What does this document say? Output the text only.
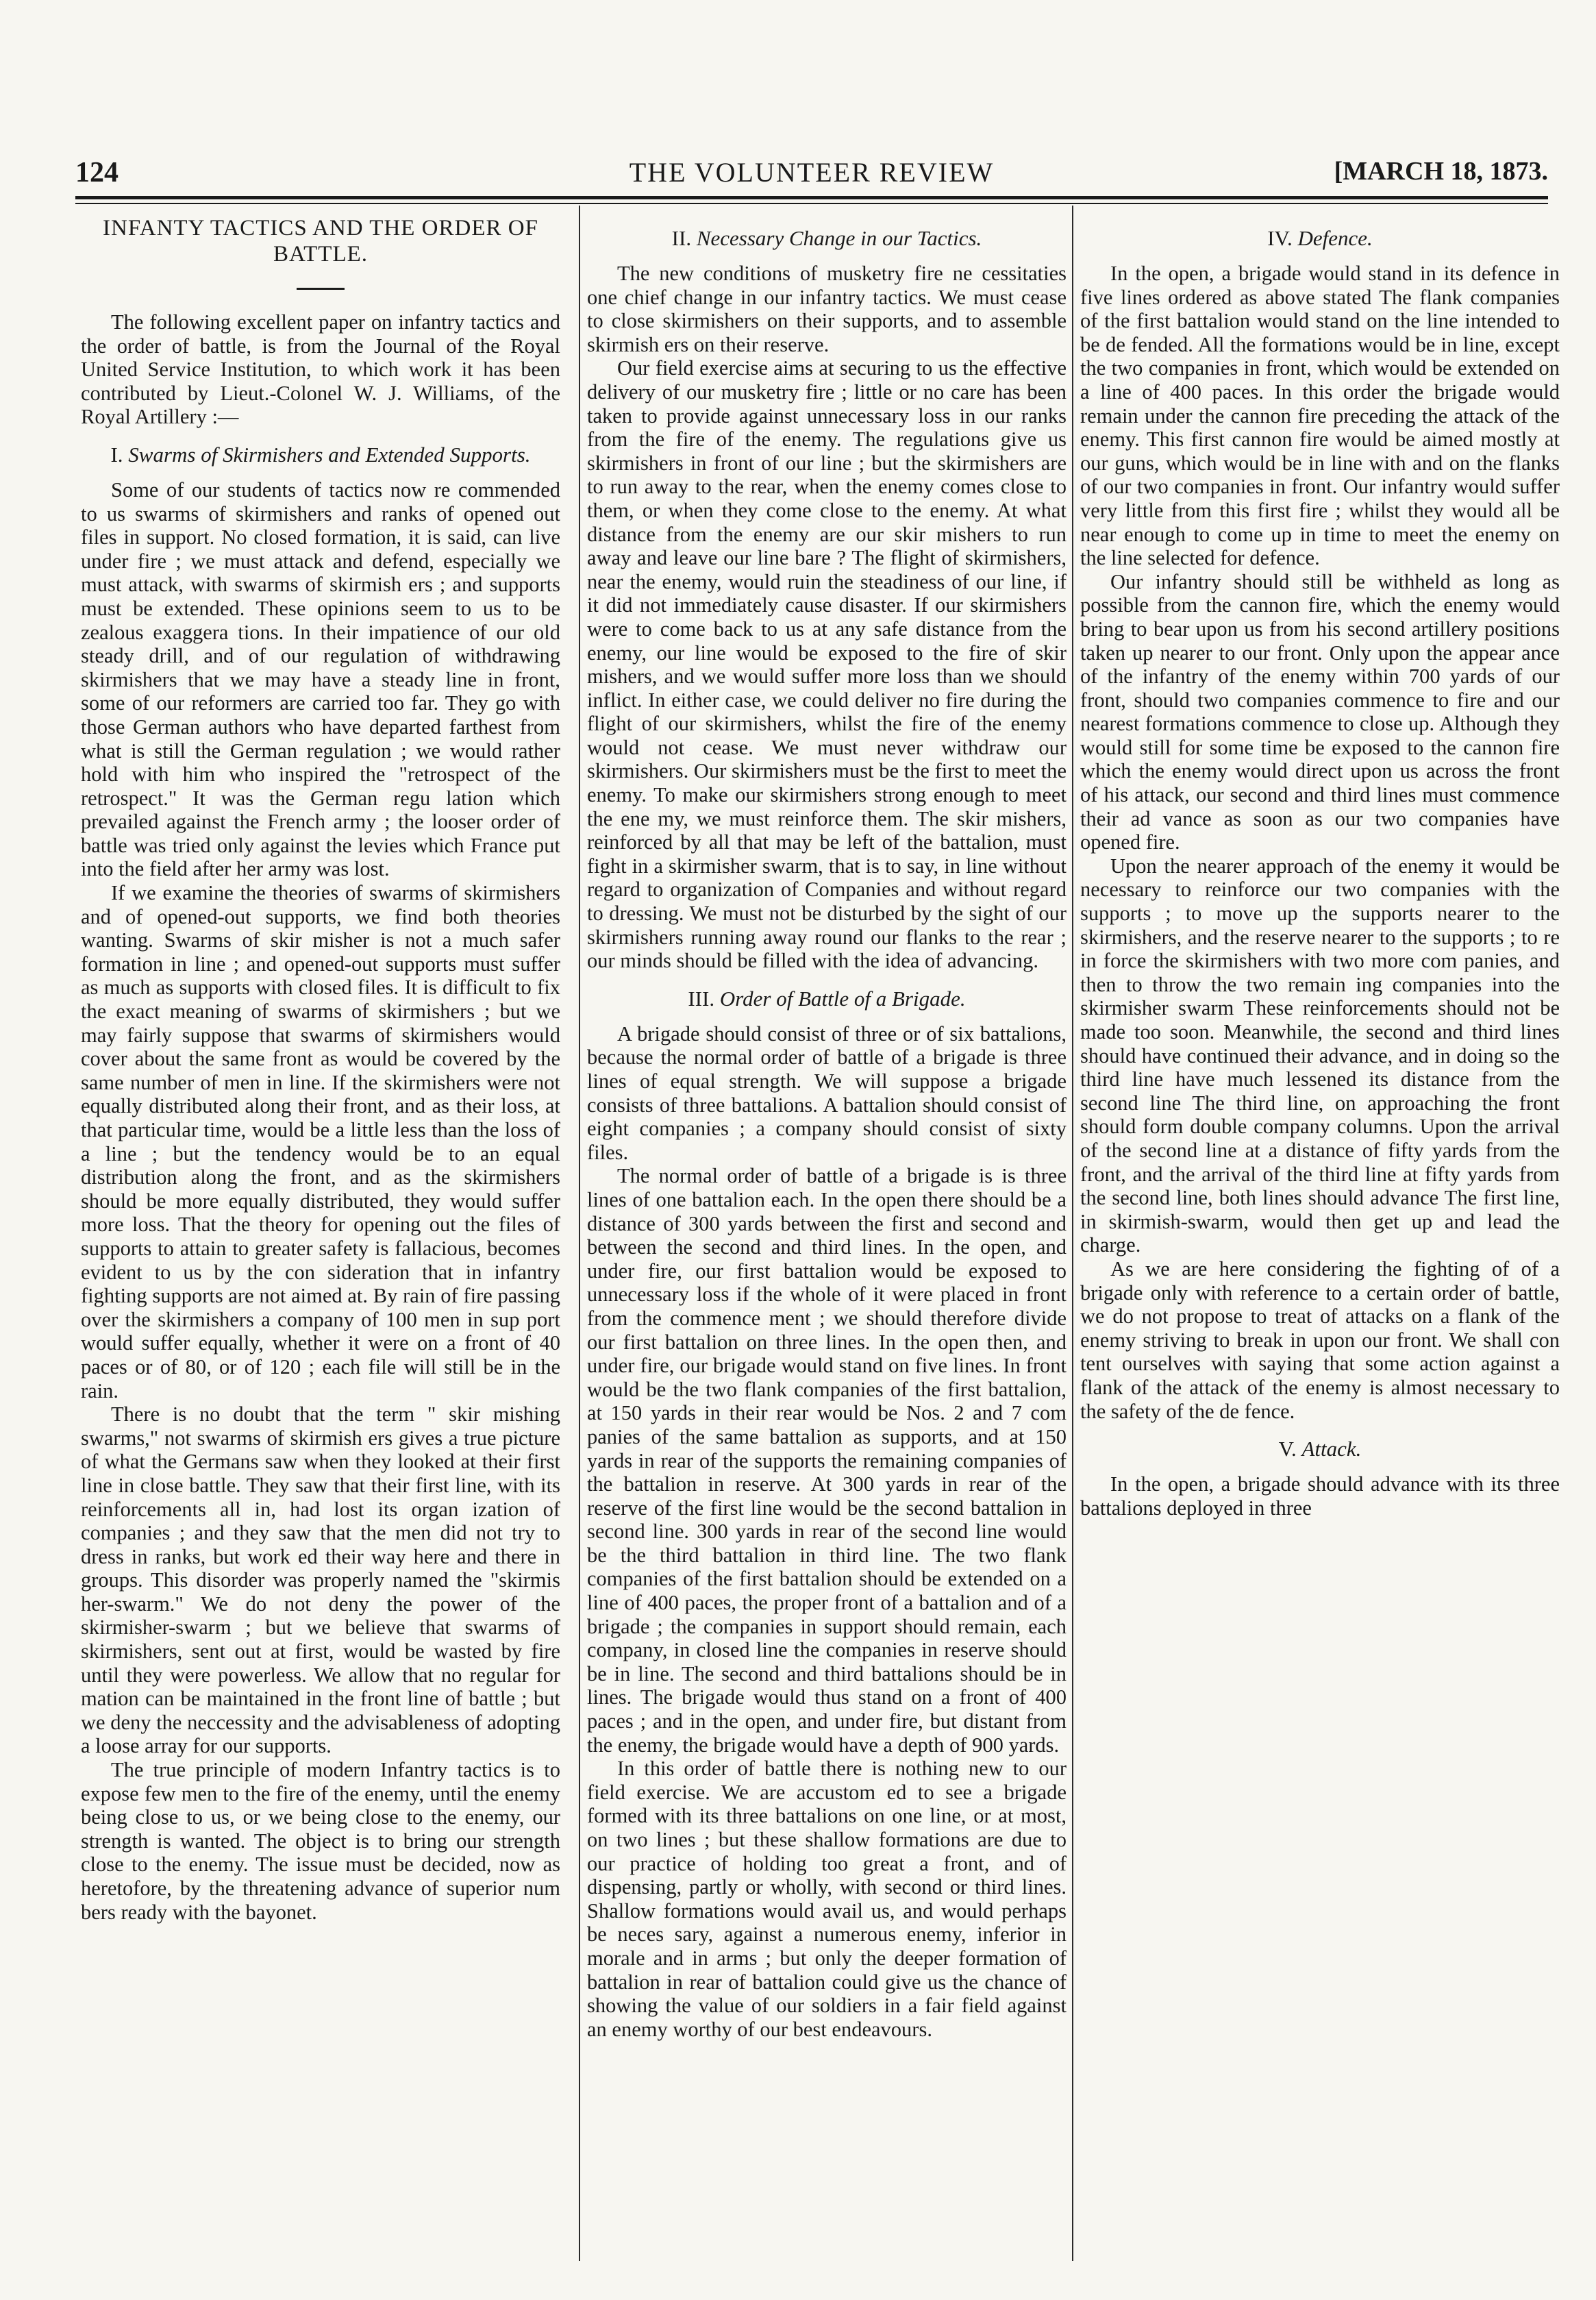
124	THE VOLUNTEER REVIEW	[MARCH 18, 1873.
INFANTY TACTICS AND THE ORDER OF BATTLE.

The following excellent paper on infantry tactics and the order of battle, is from the Journal of the Royal United Service Institution, to which work it has been contributed by Lieut.-Colonel W. J. Williams, of the Royal Artillery :—

I. Swarms of Skirmishers and Extended Supports.

Some of our students of tactics now re commended to us swarms of skirmishers and ranks of opened out files in support. No closed formation, it is said, can live under fire ; we must attack and defend, especially we must attack, with swarms of skirmish ers ; and supports must be extended. These opinions seem to us to be zealous exaggera tions. In their impatience of our old steady drill, and of our regulation of withdrawing skirmishers that we may have a steady line in front, some of our reformers are carried too far. They go with those German authors who have departed farthest from what is still the German regulation ; we would rather hold with him who inspired the "retrospect of the retrospect." It was the German regu lation which prevailed against the French army ; the looser order of battle was tried only against the levies which France put into the field after her army was lost.

If we examine the theories of swarms of skirmishers and of opened-out supports, we find both theories wanting. Swarms of skir misher is not a much safer formation in line ; and opened-out supports must suffer as much as supports with closed files. It is difficult to fix the exact meaning of swarms of skirmishers ; but we may fairly suppose that swarms of skirmishers would cover about the same front as would be covered by the same number of men in line. If the skirmishers were not equally distributed along their front, and as their loss, at that particular time, would be a little less than the loss of a line ; but the tendency would be to an equal distribution along the front, and as the skirmishers should be more equally distributed, they would suffer more loss. That the theory for opening out the files of supports to attain to greater safety is fallacious, becomes evident to us by the con sideration that in infantry fighting supports are not aimed at. By rain of fire passing over the skirmishers a company of 100 men in sup port would suffer equally, whether it were on a front of 40 paces or of 80, or of 120 ; each file will still be in the rain.

There is no doubt that the term " skir mishing swarms," not swarms of skirmish ers gives a true picture of what the Germans saw when they looked at their first line in close battle. They saw that their first line, with its reinforcements all in, had lost its organ ization of companies ; and they saw that the men did not try to dress in ranks, but work ed their way here and there in groups. This disorder was properly named the "skirmis her-swarm." We do not deny the power of the skirmisher-swarm ; but we believe that swarms of skirmishers, sent out at first, would be wasted by fire until they were powerless. We allow that no regular for mation can be maintained in the front line of battle ; but we deny the neccessity and the advisableness of adopting a loose array for our supports.

The true principle of modern Infantry tactics is to expose few men to the fire of the enemy, until the enemy being close to us, or we being close to the enemy, our strength is wanted. The object is to bring our strength close to the enemy. The issue must be decided, now as heretofore, by the threatening advance of superior num bers ready with the bayonet.

II. Necessary Change in our Tactics.

The new conditions of musketry fire ne cessitaties one chief change in our infantry tactics. We must cease to close skirmishers on their supports, and to assemble skirmish ers on their reserve.

Our field exercise aims at securing to us the effective delivery of our musketry fire ; little or no care has been taken to provide against unnecessary loss in our ranks from the fire of the enemy. The regulations give us skirmishers in front of our line ; but the skirmishers are to run away to the rear, when the enemy comes close to them, or when they come close to the enemy. At what distance from the enemy are our skir mishers to run away and leave our line bare ? The flight of skirmishers, near the enemy, would ruin the steadiness of our line, if it did not immediately cause disaster. If our skirmishers were to come back to us at any safe distance from the enemy, our line would be exposed to the fire of skir mishers, and we would suffer more loss than we should inflict. In either case, we could deliver no fire during the flight of our skirmishers, whilst the fire of the enemy would not cease. We must never withdraw our skirmishers. Our skirmishers must be the first to meet the enemy. To make our skirmishers strong enough to meet the ene my, we must reinforce them. The skir mishers, reinforced by all that may be left of the battalion, must fight in a skirmisher swarm, that is to say, in line without regard to organization of Companies and without regard to dressing. We must not be disturbed by the sight of our skirmishers running away round our flanks to the rear ; our minds should be filled with the idea of advancing.

III. Order of Battle of a Brigade.

A brigade should consist of three or of six battalions, because the normal order of battle of a brigade is three lines of equal strength. We will suppose a brigade consists of three battalions. A battalion should consist of eight companies ; a company should consist of sixty files.

The normal order of battle of a brigade is is three lines of one battalion each. In the open there should be a distance of 300 yards between the first and second and between the second and third lines. In the open, and under fire, our first battalion would be exposed to unnecessary loss if the whole of it were placed in front from the commence ment ; we should therefore divide our first battalion on three lines. In the open then, and under fire, our brigade would stand on five lines. In front would be the two flank companies of the first battalion, at 150 yards in their rear would be Nos. 2 and 7 com panies of the same battalion as supports, and at 150 yards in rear of the supports the remaining companies of the battalion in reserve. At 300 yards in rear of the reserve of the first line would be the second battalion in second line. 300 yards in rear of the second line would be the third battalion in third line. The two flank companies of the first battalion should be extended on a line of 400 paces, the proper front of a battalion and of a brigade ; the companies in support should remain, each company, in closed line the companies in reserve should be in line. The second and third battalions should be in lines. The brigade would thus stand on a front of 400 paces ; and in the open, and under fire, but distant from the enemy, the brigade would have a depth of 900 yards.

In this order of battle there is nothing new to our field exercise. We are accustom ed to see a brigade formed with its three battalions on one line, or at most, on two lines ; but these shallow formations are due to our practice of holding too great a front, and of dispensing, partly or wholly, with second or third lines. Shallow formations would avail us, and would perhaps be neces sary, against a numerous enemy, inferior in morale and in arms ; but only the deeper formation of battalion in rear of battalion could give us the chance of showing the value of our soldiers in a fair field against an enemy worthy of our best endeavours.

IV. Defence.

In the open, a brigade would stand in its defence in five lines ordered as above stated The flank companies of the first battalion would stand on the line intended to be de fended. All the formations would be in line, except the two companies in front, which would be extended on a line of 400 paces. In this order the brigade would remain under the cannon fire preceding the attack of the enemy. This first cannon fire would be aimed mostly at our guns, which would be in line with and on the flanks of our two companies in front. Our infantry would suffer very little from this first fire ; whilst they would all be near enough to come up in time to meet the enemy on the line selected for defence.

Our infantry should still be withheld as long as possible from the cannon fire, which the enemy would bring to bear upon us from his second artillery positions taken up nearer to our front. Only upon the appear ance of the infantry of the enemy within 700 yards of our front, should two companies commence to fire and our nearest formations commence to close up. Although they would still for some time be exposed to the cannon fire which the enemy would direct upon us across the front of his attack, our second and third lines must commence their ad vance as soon as our two companies have opened fire.

Upon the nearer approach of the enemy it would be necessary to reinforce our two companies with the supports ; to move up the supports nearer to the skirmishers, and the reserve nearer to the supports ; to re in force the skirmishers with two more com panies, and then to throw the two remain ing companies into the skirmisher swarm These reinforcements should not be made too soon. Meanwhile, the second and third lines should have continued their advance, and in doing so the third line have much lessened its distance from the second line The third line, on approaching the front should form double company columns. Upon the arrival of the second line at a distance of fifty yards from the front, and the arrival of the third line at fifty yards from the second line, both lines should advance The first line, in skirmish-swarm, would then get up and lead the charge.

As we are here considering the fighting of of a brigade only with reference to a certain order of battle, we do not propose to treat of attacks on a flank of the enemy striving to break in upon our front. We shall con tent ourselves with saying that some action against a flank of the attack of the enemy is almost necessary to the safety of the de fence.

V. Attack.

In the open, a brigade should advance with its three battalions deployed in three
